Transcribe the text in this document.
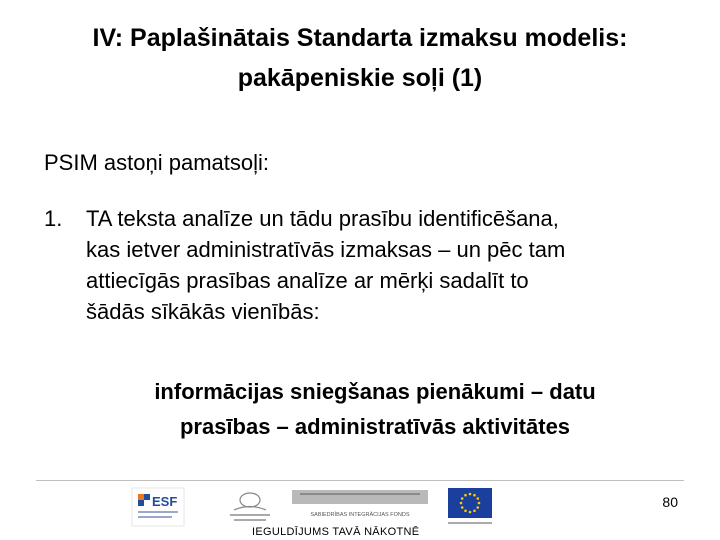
IV: Paplašinātais Standarta izmaksu modelis:
pakāpeniskie soļi (1)
PSIM astoņi pamatsoļi:
1. TA teksta analīze un tādu prasību identificēšana,
kas ietver administratīvās izmaksas – un pēc tam
attiecīgās prasības analīze ar mērķi sadalīt to
šādās sīkākās vienībās:
informācijas sniegšanas pienākumi – datu
prasības – administratīvās aktivitātes
80
ESF
SABIEDRĪBAS INTEGRĀCIJAS FONDS
IEGULDĪJUMS TAVĀ NĀKOTNĒ
